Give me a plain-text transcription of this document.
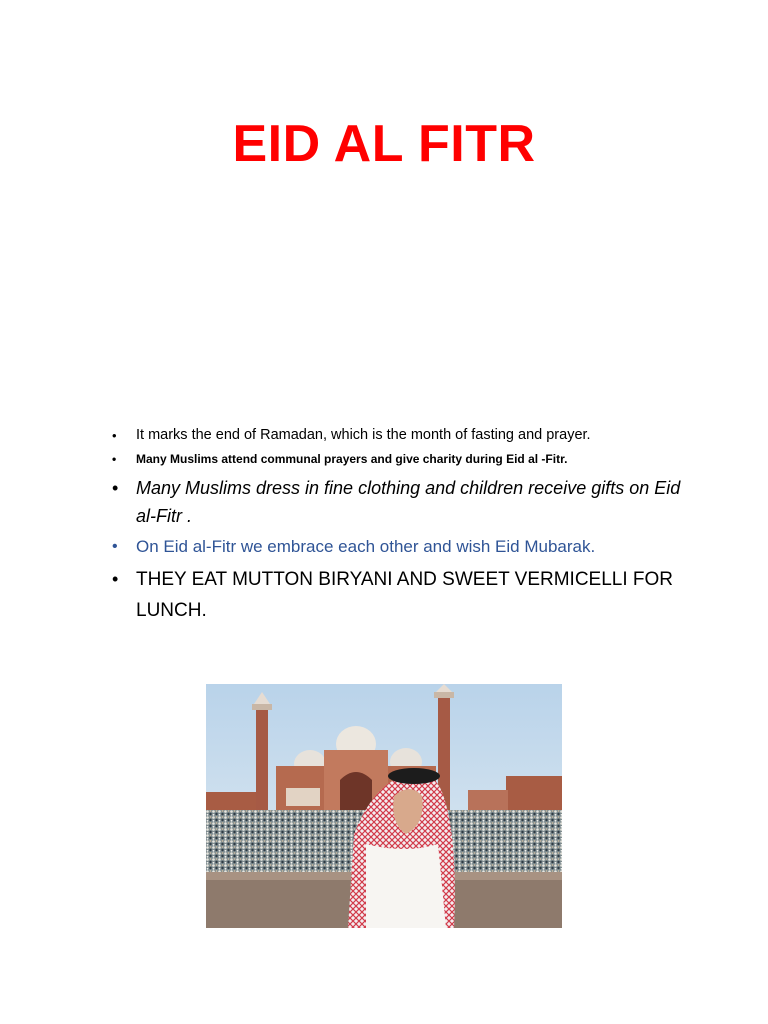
EID AL FITR
• It marks the end of Ramadan, which is the month of fasting and prayer.
• Many Muslims attend communal prayers and give charity during Eid al -Fitr.
• Many Muslims dress in fine clothing and children receive gifts on Eid al-Fitr .
• On Eid al-Fitr we embrace each other and wish Eid Mubarak.
• THEY EAT MUTTON BIRYANI AND SWEET VERMICELLI FOR LUNCH.
